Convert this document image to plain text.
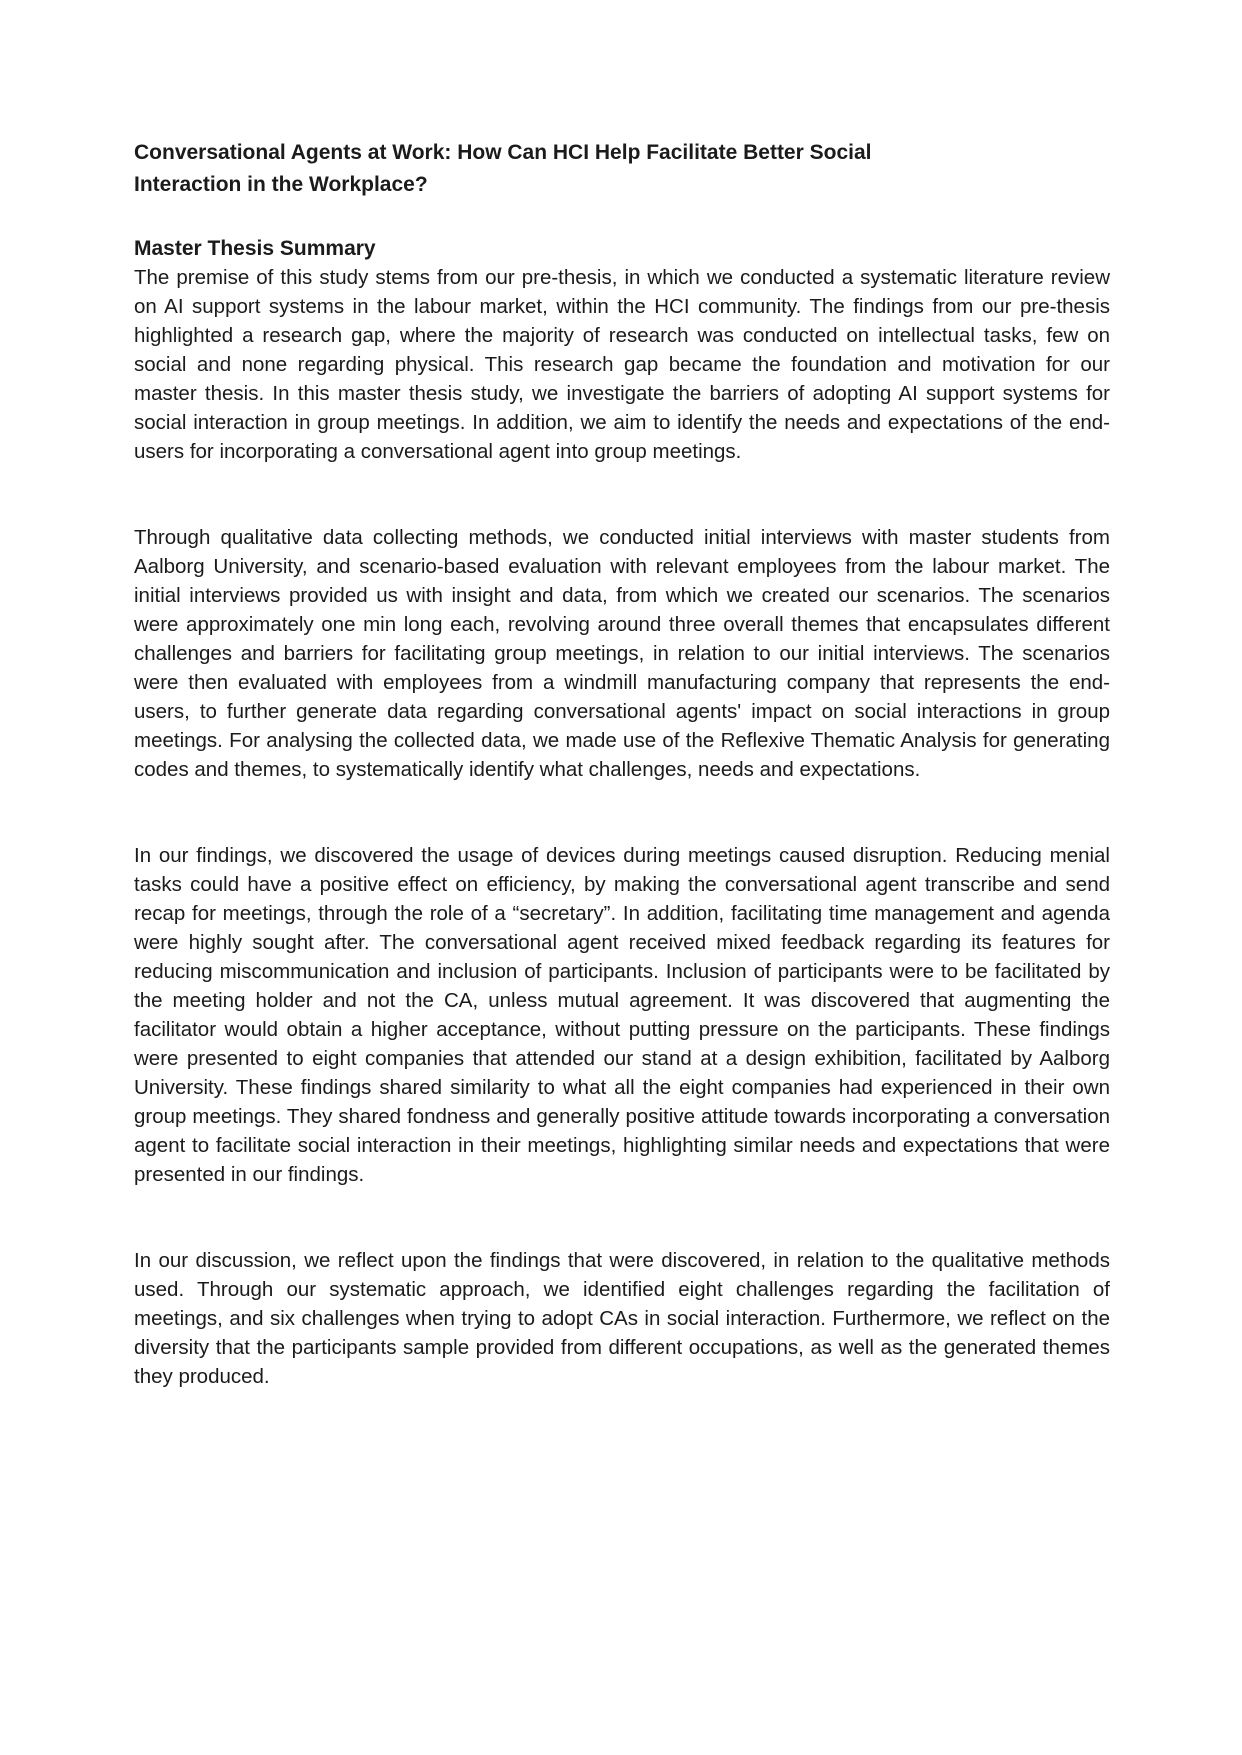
Conversational Agents at Work: How Can HCI Help Facilitate Better Social
Interaction in the Workplace?
Master Thesis Summary

The premise of this study stems from our pre-thesis, in which we conducted a systematic literature review on AI support systems in the labour market, within the HCI community. The findings from our pre-thesis highlighted a research gap, where the majority of research was conducted on intellectual tasks, few on social and none regarding physical. This research gap became the foundation and motivation for our master thesis. In this master thesis study, we investigate the barriers of adopting AI support systems for social interaction in group meetings. In addition, we aim to identify the needs and expectations of the end-users for incorporating a conversational agent into group meetings.

Through qualitative data collecting methods, we conducted initial interviews with master students from Aalborg University, and scenario-based evaluation with relevant employees from the labour market. The initial interviews provided us with insight and data, from which we created our scenarios. The scenarios were approximately one min long each, revolving around three overall themes that encapsulates different challenges and barriers for facilitating group meetings, in relation to our initial interviews. The scenarios were then evaluated with employees from a windmill manufacturing company that represents the end-users, to further generate data regarding conversational agents' impact on social interactions in group meetings. For analysing the collected data, we made use of the Reflexive Thematic Analysis for generating codes and themes, to systematically identify what challenges, needs and expectations.

In our findings, we discovered the usage of devices during meetings caused disruption. Reducing menial tasks could have a positive effect on efficiency, by making the conversational agent transcribe and send recap for meetings, through the role of a “secretary”. In addition, facilitating time management and agenda were highly sought after. The conversational agent received mixed feedback regarding its features for reducing miscommunication and inclusion of participants. Inclusion of participants were to be facilitated by the meeting holder and not the CA, unless mutual agreement. It was discovered that augmenting the facilitator would obtain a higher acceptance, without putting pressure on the participants. These findings were presented to eight companies that attended our stand at a design exhibition, facilitated by Aalborg University. These findings shared similarity to what all the eight companies had experienced in their own group meetings. They shared fondness and generally positive attitude towards incorporating a conversation agent to facilitate social interaction in their meetings, highlighting similar needs and expectations that were presented in our findings.

In our discussion, we reflect upon the findings that were discovered, in relation to the qualitative methods used. Through our systematic approach, we identified eight challenges regarding the facilitation of meetings, and six challenges when trying to adopt CAs in social interaction. Furthermore, we reflect on the diversity that the participants sample provided from different occupations, as well as the generated themes they produced.
